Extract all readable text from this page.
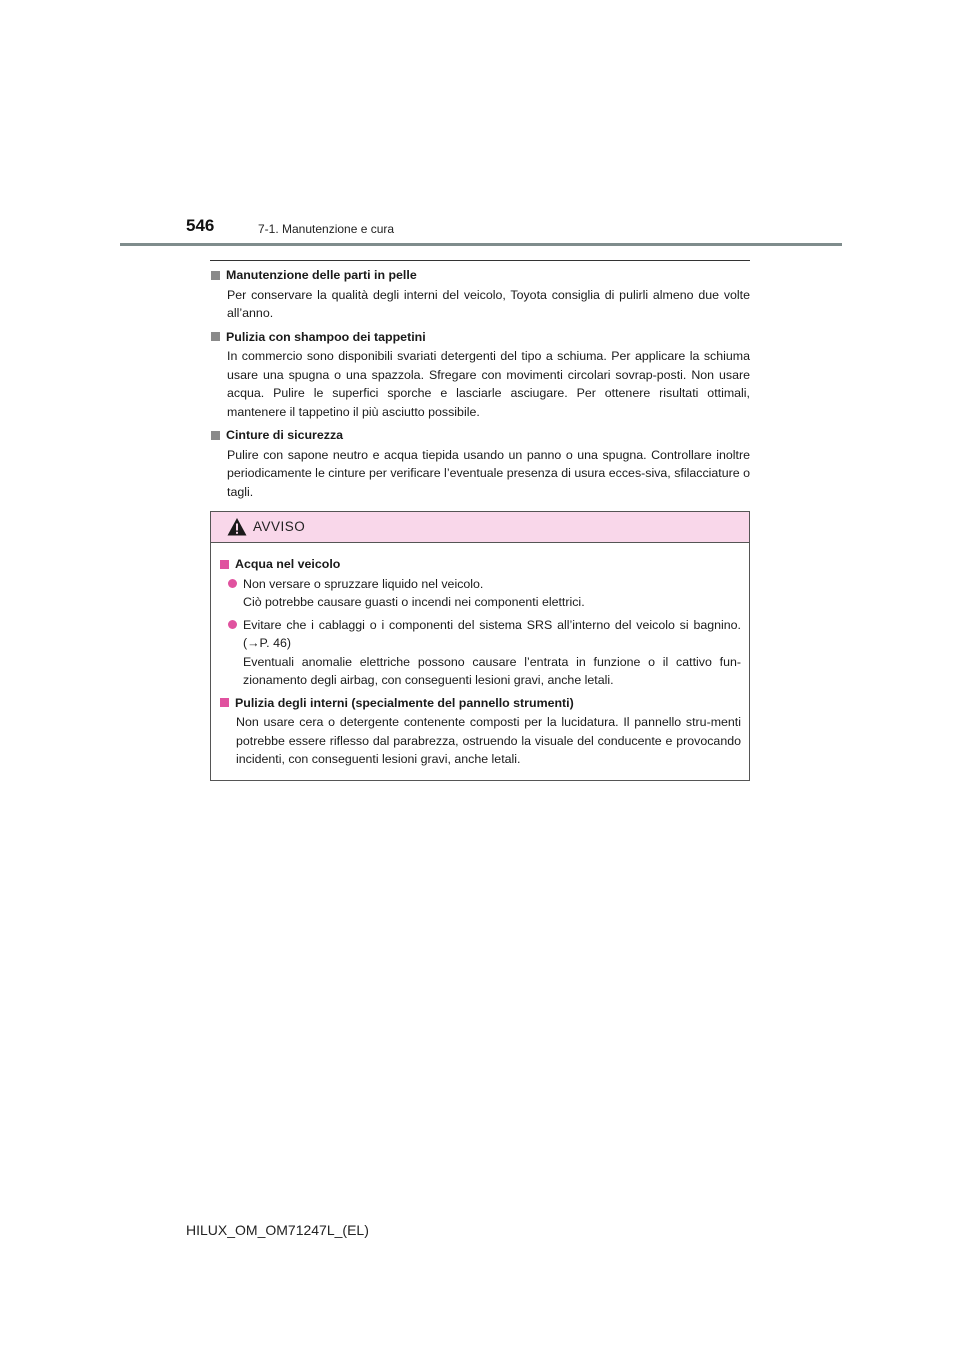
546	7-1. Manutenzione e cura

Manutenzione delle parti in pelle

Per conservare la qualità degli interni del veicolo, Toyota consiglia di pulirli almeno due volte all’anno.

Pulizia con shampoo dei tappetini

In commercio sono disponibili svariati detergenti del tipo a schiuma. Per applicare la schiuma usare una spugna o una spazzola. Sfregare con movimenti circolari sovrap-posti. Non usare acqua. Pulire le superfici sporche e lasciarle asciugare. Per ottenere risultati ottimali, mantenere il tappetino il più asciutto possibile.

Cinture di sicurezza

Pulire con sapone neutro e acqua tiepida usando un panno o una spugna. Controllare inoltre periodicamente le cinture per verificare l’eventuale presenza di usura ecces-siva, sfilacciature o tagli.
AVVISO

Acqua nel veicolo

Non versare o spruzzare liquido nel veicolo.
Ciò potrebbe causare guasti o incendi nei componenti elettrici.
Evitare che i cablaggi o i componenti del sistema SRS all’interno del veicolo si bagnino. (→P. 46)
Eventuali anomalie elettriche possono causare l’entrata in funzione o il cattivo fun-zionamento degli airbag, con conseguenti lesioni gravi, anche letali.

Pulizia degli interni (specialmente del pannello strumenti)

Non usare cera o detergente contenente composti per la lucidatura. Il pannello stru-menti potrebbe essere riflesso dal parabrezza, ostruendo la visuale del conducente e provocando incidenti, con conseguenti lesioni gravi, anche letali.
HILUX_OM_OM71247L_(EL)
